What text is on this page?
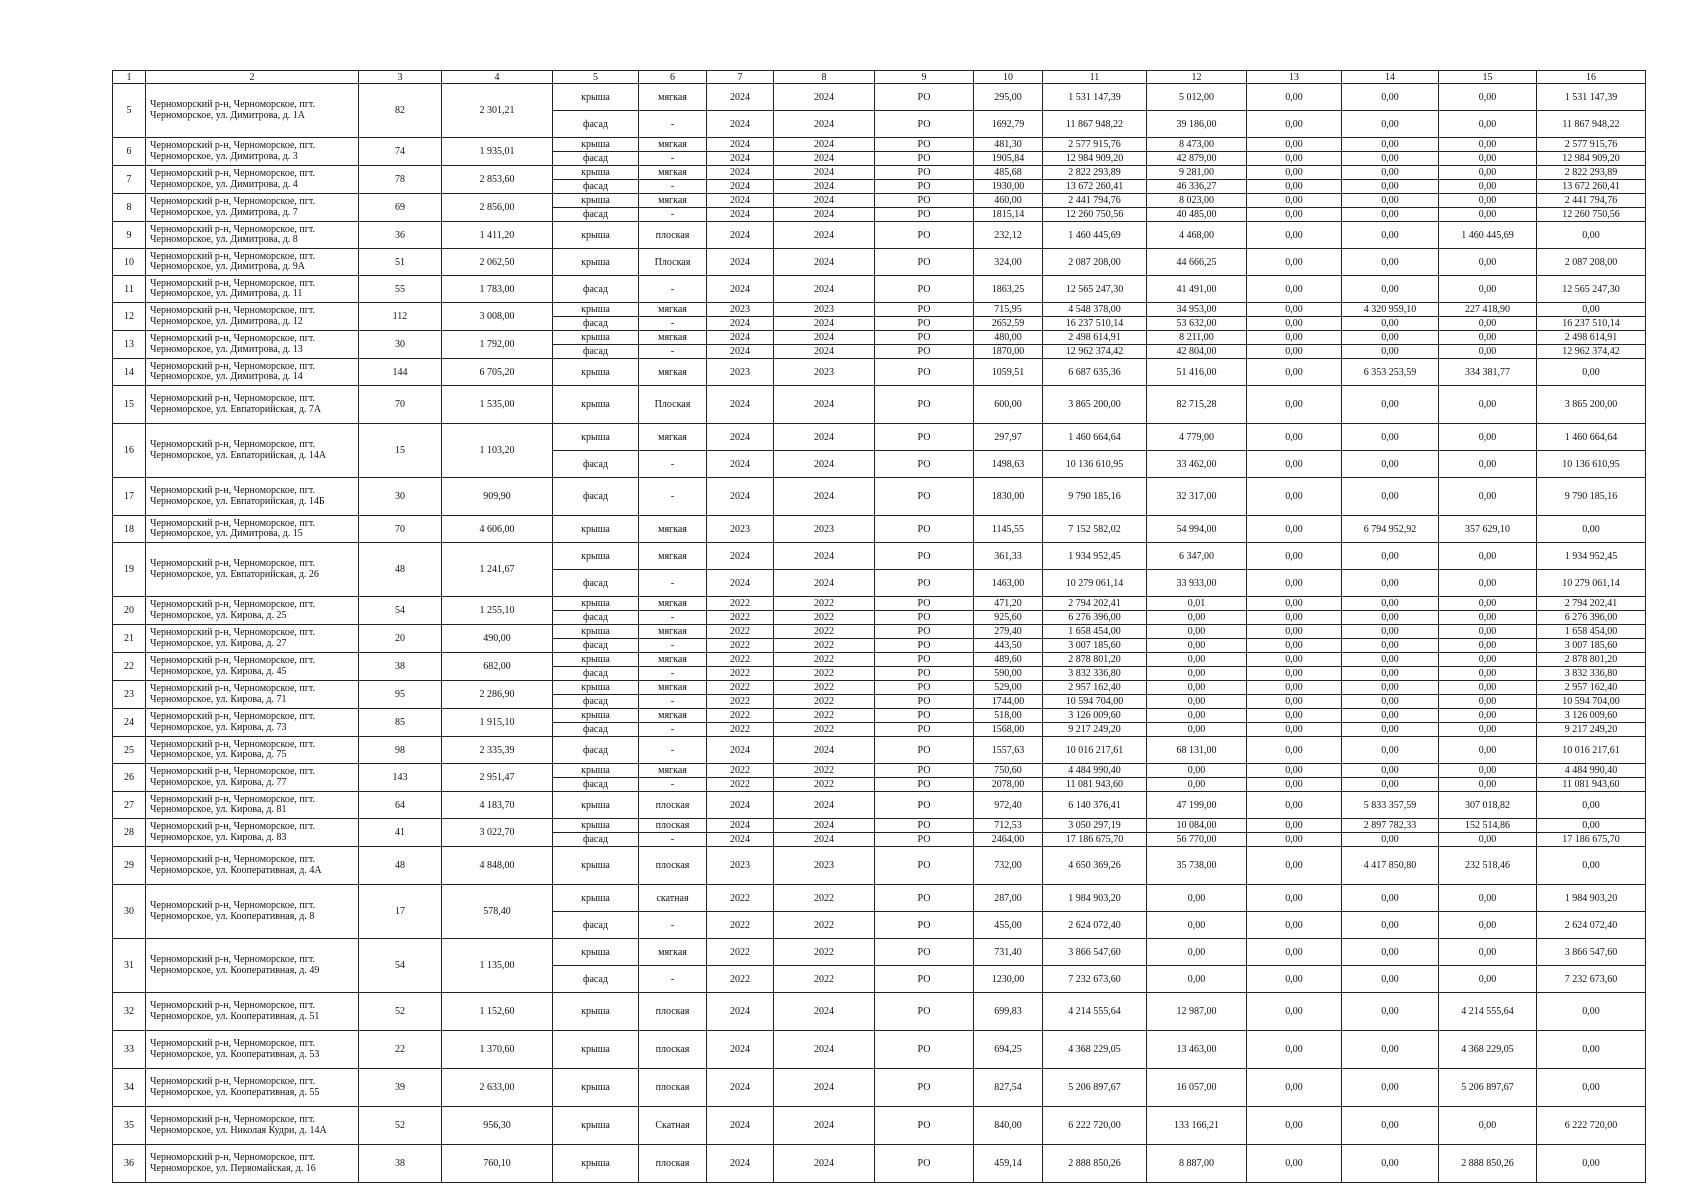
1	2	3	4	5	6	7	8	9	10	11	12	13	14	15	16
5	Черноморский р-н, Черноморское, пгт. Черноморское, ул. Димитрова, д. 1А	82	2 301,21	крыша	мягкая	2024	2024	РО	295,00	1 531 147,39	5 012,00	0,00	0,00	0,00	1 531 147,39
				фасад	-	2024	2024	РО	1692,79	11 867 948,22	39 186,00	0,00	0,00	0,00	11 867 948,22
6	Черноморский р-н, Черноморское, пгт. Черноморское, ул. Димитрова, д. 3	74	1 935,01	крыша	мягкая	2024	2024	РО	481,30	2 577 915,76	8 473,00	0,00	0,00	0,00	2 577 915,76
				фасад	-	2024	2024	РО	1905,84	12 984 909,20	42 879,00	0,00	0,00	0,00	12 984 909,20
7	Черноморский р-н, Черноморское, пгт. Черноморское, ул. Димитрова, д. 4	78	2 853,60	крыша	мягкая	2024	2024	РО	485,68	2 822 293,89	9 281,00	0,00	0,00	0,00	2 822 293,89
				фасад	-	2024	2024	РО	1930,00	13 672 260,41	46 336,27	0,00	0,00	0,00	13 672 260,41
8	Черноморский р-н, Черноморское, пгт. Черноморское, ул. Димитрова, д. 7	69	2 856,00	крыша	мягкая	2024	2024	РО	460,00	2 441 794,76	8 023,00	0,00	0,00	0,00	2 441 794,76
				фасад	-	2024	2024	РО	1815,14	12 260 750,56	40 485,00	0,00	0,00	0,00	12 260 750,56
9	Черноморский р-н, Черноморское, пгт. Черноморское, ул. Димитрова, д. 8	36	1 411,20	крыша	плоская	2024	2024	РО	232,12	1 460 445,69	4 468,00	0,00	0,00	1 460 445,69	0,00
10	Черноморский р-н, Черноморское, пгт. Черноморское, ул. Димитрова, д. 9А	51	2 062,50	крыша	Плоская	2024	2024	РО	324,00	2 087 208,00	44 666,25	0,00	0,00	0,00	2 087 208,00
11	Черноморский р-н, Черноморское, пгт. Черноморское, ул. Димитрова, д. 11	55	1 783,00	фасад	-	2024	2024	РО	1863,25	12 565 247,30	41 491,00	0,00	0,00	0,00	12 565 247,30
12	Черноморский р-н, Черноморское, пгт. Черноморское, ул. Димитрова, д. 12	112	3 008,00	крыша	мягкая	2023	2023	РО	715,95	4 548 378,00	34 953,00	0,00	4 320 959,10	227 418,90	0,00
				фасад	-	2024	2024	РО	2652,59	16 237 510,14	53 632,00	0,00	0,00	0,00	16 237 510,14
13	Черноморский р-н, Черноморское, пгт. Черноморское, ул. Димитрова, д. 13	30	1 792,00	крыша	мягкая	2024	2024	РО	480,00	2 498 614,91	8 211,00	0,00	0,00	0,00	2 498 614,91
				фасад	-	2024	2024	РО	1870,00	12 962 374,42	42 804,00	0,00	0,00	0,00	12 962 374,42
14	Черноморский р-н, Черноморское, пгт. Черноморское, ул. Димитрова, д. 14	144	6 705,20	крыша	мягкая	2023	2023	РО	1059,51	6 687 635,36	51 416,00	0,00	6 353 253,59	334 381,77	0,00
15	Черноморский р-н, Черноморское, пгт. Черноморское, ул. Евпаторийская, д. 7А	70	1 535,00	крыша	Плоская	2024	2024	РО	600,00	3 865 200,00	82 715,28	0,00	0,00	0,00	3 865 200,00
16	Черноморский р-н, Черноморское, пгт. Черноморское, ул. Евпаторийская, д. 14А	15	1 103,20	крыша	мягкая	2024	2024	РО	297,97	1 460 664,64	4 779,00	0,00	0,00	0,00	1 460 664,64
				фасад	-	2024	2024	РО	1498,63	10 136 610,95	33 462,00	0,00	0,00	0,00	10 136 610,95
17	Черноморский р-н, Черноморское, пгт. Черноморское, ул. Евпаторийская, д. 14Б	30	909,90	фасад	-	2024	2024	РО	1830,00	9 790 185,16	32 317,00	0,00	0,00	0,00	9 790 185,16
18	Черноморский р-н, Черноморское, пгт. Черноморское, ул. Димитрова, д. 15	70	4 606,00	крыша	мягкая	2023	2023	РО	1145,55	7 152 582,02	54 994,00	0,00	6 794 952,92	357 629,10	0,00
19	Черноморский р-н, Черноморское, пгт. Черноморское, ул. Евпаторийская, д. 26	48	1 241,67	крыша	мягкая	2024	2024	РО	361,33	1 934 952,45	6 347,00	0,00	0,00	0,00	1 934 952,45
				фасад	-	2024	2024	РО	1463,00	10 279 061,14	33 933,00	0,00	0,00	0,00	10 279 061,14
20	Черноморский р-н, Черноморское, пгт. Черноморское, ул. Кирова, д. 25	54	1 255,10	крыша	мягкая	2022	2022	РО	471,20	2 794 202,41	0,01	0,00	0,00	0,00	2 794 202,41
				фасад	-	2022	2022	РО	925,60	6 276 396,00	0,00	0,00	0,00	0,00	6 276 396,00
21	Черноморский р-н, Черноморское, пгт. Черноморское, ул. Кирова, д. 27	20	490,00	крыша	мягкая	2022	2022	РО	279,40	1 658 454,00	0,00	0,00	0,00	0,00	1 658 454,00
				фасад	-	2022	2022	РО	443,50	3 007 185,60	0,00	0,00	0,00	0,00	3 007 185,60
22	Черноморский р-н, Черноморское, пгт. Черноморское, ул. Кирова, д. 45	38	682,00	крыша	мягкая	2022	2022	РО	489,60	2 878 801,20	0,00	0,00	0,00	0,00	2 878 801,20
				фасад	-	2022	2022	РО	590,00	3 832 336,80	0,00	0,00	0,00	0,00	3 832 336,80
23	Черноморский р-н, Черноморское, пгт. Черноморское, ул. Кирова, д. 71	95	2 286,90	крыша	мягкая	2022	2022	РО	529,00	2 957 162,40	0,00	0,00	0,00	0,00	2 957 162,40
				фасад	-	2022	2022	РО	1744,00	10 594 704,00	0,00	0,00	0,00	0,00	10 594 704,00
24	Черноморский р-н, Черноморское, пгт. Черноморское, ул. Кирова, д. 73	85	1 915,10	крыша	мягкая	2022	2022	РО	518,00	3 126 009,60	0,00	0,00	0,00	0,00	3 126 009,60
				фасад	-	2022	2022	РО	1568,00	9 217 249,20	0,00	0,00	0,00	0,00	9 217 249,20
25	Черноморский р-н, Черноморское, пгт. Черноморское, ул. Кирова, д. 75	98	2 335,39	фасад	-	2024	2024	РО	1557,63	10 016 217,61	68 131,00	0,00	0,00	0,00	10 016 217,61
26	Черноморский р-н, Черноморское, пгт. Черноморское, ул. Кирова, д. 77	143	2 951,47	крыша	мягкая	2022	2022	РО	750,60	4 484 990,40	0,00	0,00	0,00	0,00	4 484 990,40
				фасад	-	2022	2022	РО	2078,00	11 081 943,60	0,00	0,00	0,00	0,00	11 081 943,60
27	Черноморский р-н, Черноморское, пгт. Черноморское, ул. Кирова, д. 81	64	4 183,70	крыша	плоская	2024	2024	РО	972,40	6 140 376,41	47 199,00	0,00	5 833 357,59	307 018,82	0,00
28	Черноморский р-н, Черноморское, пгт. Черноморское, ул. Кирова, д. 83	41	3 022,70	крыша	плоская	2024	2024	РО	712,53	3 050 297,19	10 084,00	0,00	2 897 782,33	152 514,86	0,00
				фасад	-	2024	2024	РО	2464,00	17 186 675,70	56 770,00	0,00	0,00	0,00	17 186 675,70
29	Черноморский р-н, Черноморское, пгт. Черноморское, ул. Кооперативная, д. 4А	48	4 848,00	крыша	плоская	2023	2023	РО	732,00	4 650 369,26	35 738,00	0,00	4 417 850,80	232 518,46	0,00
30	Черноморский р-н, Черноморское, пгт. Черноморское, ул. Кооперативная, д. 8	17	578,40	крыша	скатная	2022	2022	РО	287,00	1 984 903,20	0,00	0,00	0,00	0,00	1 984 903,20
				фасад	-	2022	2022	РО	455,00	2 624 072,40	0,00	0,00	0,00	0,00	2 624 072,40
31	Черноморский р-н, Черноморское, пгт. Черноморское, ул. Кооперативная, д. 49	54	1 135,00	крыша	мягкая	2022	2022	РО	731,40	3 866 547,60	0,00	0,00	0,00	0,00	3 866 547,60
				фасад	-	2022	2022	РО	1230,00	7 232 673,60	0,00	0,00	0,00	0,00	7 232 673,60
32	Черноморский р-н, Черноморское, пгт. Черноморское, ул. Кооперативная, д. 51	52	1 152,60	крыша	плоская	2024	2024	РО	699,83	4 214 555,64	12 987,00	0,00	0,00	4 214 555,64	0,00
33	Черноморский р-н, Черноморское, пгт. Черноморское, ул. Кооперативная, д. 53	22	1 370,60	крыша	плоская	2024	2024	РО	694,25	4 368 229,05	13 463,00	0,00	0,00	4 368 229,05	0,00
34	Черноморский р-н, Черноморское, пгт. Черноморское, ул. Кооперативная, д. 55	39	2 633,00	крыша	плоская	2024	2024	РО	827,54	5 206 897,67	16 057,00	0,00	0,00	5 206 897,67	0,00
35	Черноморский р-н, Черноморское, пгт. Черноморское, ул. Николая Кудри, д. 14А	52	956,30	крыша	Скатная	2024	2024	РО	840,00	6 222 720,00	133 166,21	0,00	0,00	0,00	6 222 720,00
36	Черноморский р-н, Черноморское, пгт. Черноморское, ул. Первомайская, д. 16	38	760,10	крыша	плоская	2024	2024	РО	459,14	2 888 850,26	8 887,00	0,00	0,00	2 888 850,26	0,00
